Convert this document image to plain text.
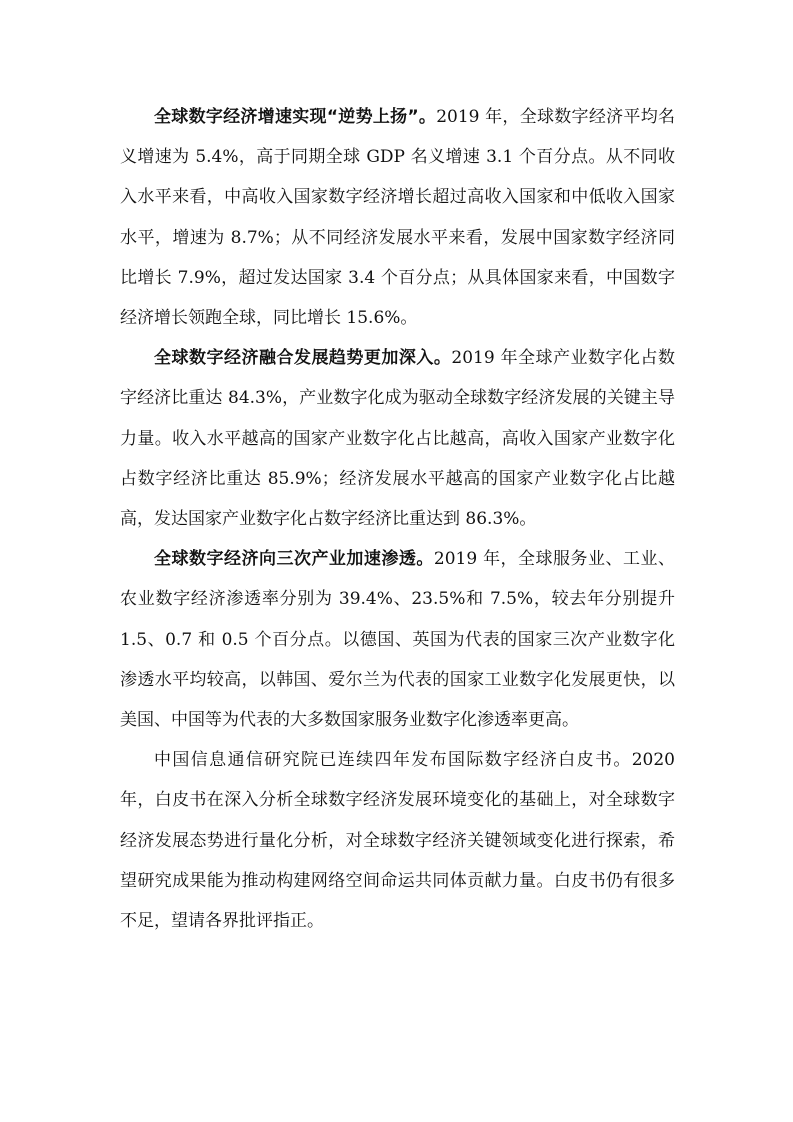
全球数字经济增速实现“逆势上扬”。2019 年，全球数字经济平均名义增速为 5.4%，高于同期全球 GDP 名义增速 3.1 个百分点。从不同收入水平来看，中高收入国家数字经济增长超过高收入国家和中低收入国家水平，增速为 8.7%；从不同经济发展水平来看，发展中国家数字经济同比增长 7.9%，超过发达国家 3.4 个百分点；从具体国家来看，中国数字经济增长领跑全球，同比增长 15.6%。

全球数字经济融合发展趋势更加深入。2019 年全球产业数字化占数字经济比重达 84.3%，产业数字化成为驱动全球数字经济发展的关键主导力量。收入水平越高的国家产业数字化占比越高，高收入国家产业数字化占数字经济比重达 85.9%；经济发展水平越高的国家产业数字化占比越高，发达国家产业数字化占数字经济比重达到 86.3%。

全球数字经济向三次产业加速渗透。2019 年，全球服务业、工业、农业数字经济渗透率分别为 39.4%、23.5%和 7.5%，较去年分别提升 1.5、0.7 和 0.5 个百分点。以德国、英国为代表的国家三次产业数字化渗透水平均较高，以韩国、爱尔兰为代表的国家工业数字化发展更快，以美国、中国等为代表的大多数国家服务业数字化渗透率更高。

中国信息通信研究院已连续四年发布国际数字经济白皮书。2020 年，白皮书在深入分析全球数字经济发展环境变化的基础上，对全球数字经济发展态势进行量化分析，对全球数字经济关键领域变化进行探索，希望研究成果能为推动构建网络空间命运共同体贡献力量。白皮书仍有很多不足，望请各界批评指正。
